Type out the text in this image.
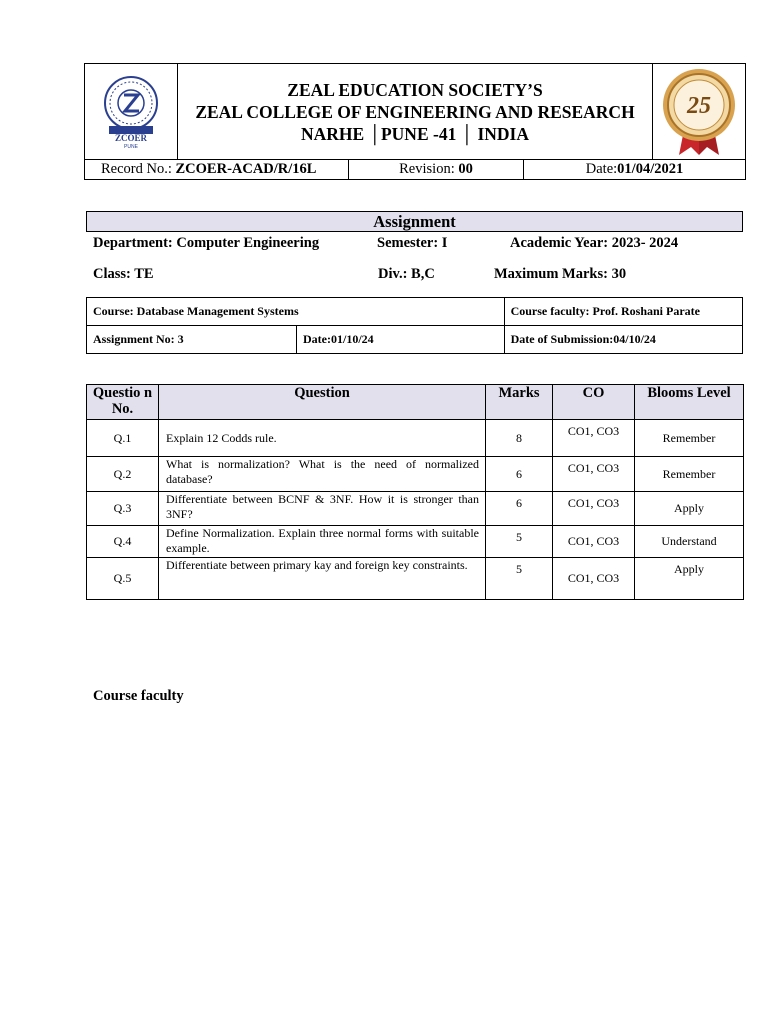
ZCOER
PUNE
ZEAL EDUCATION SOCIETY’S
ZEAL COLLEGE OF ENGINEERING AND RESEARCH
NARHE │PUNE -41 │ INDIA
25
Record No.: ZCOER-ACAD/R/16L	Revision: 00	Date:01/04/2021
Assignment
Department: Computer Engineering	Semester: I	Academic Year: 2023- 2024
Class: TE	Div.: B,C	Maximum Marks: 30
Course: Database Management Systems		Course faculty: Prof. Roshani Parate
Assignment No: 3	Date:01/10/24	Date of Submission:04/10/24
Questio n No.	Question	Marks	CO	Blooms Level
Q.1	Explain 12 Codds rule.	8	CO1, CO3	Remember
Q.2	What is normalization? What is the need of normalized database?	6	CO1, CO3	Remember
Q.3	Differentiate between BCNF & 3NF. How it is stronger than 3NF?	6	CO1, CO3	Apply
Q.4	Define Normalization. Explain three normal forms with suitable example.	5	CO1, CO3	Understand
Q.5	Differentiate between primary kay and foreign key constraints.	5	CO1, CO3	Apply
Course faculty
